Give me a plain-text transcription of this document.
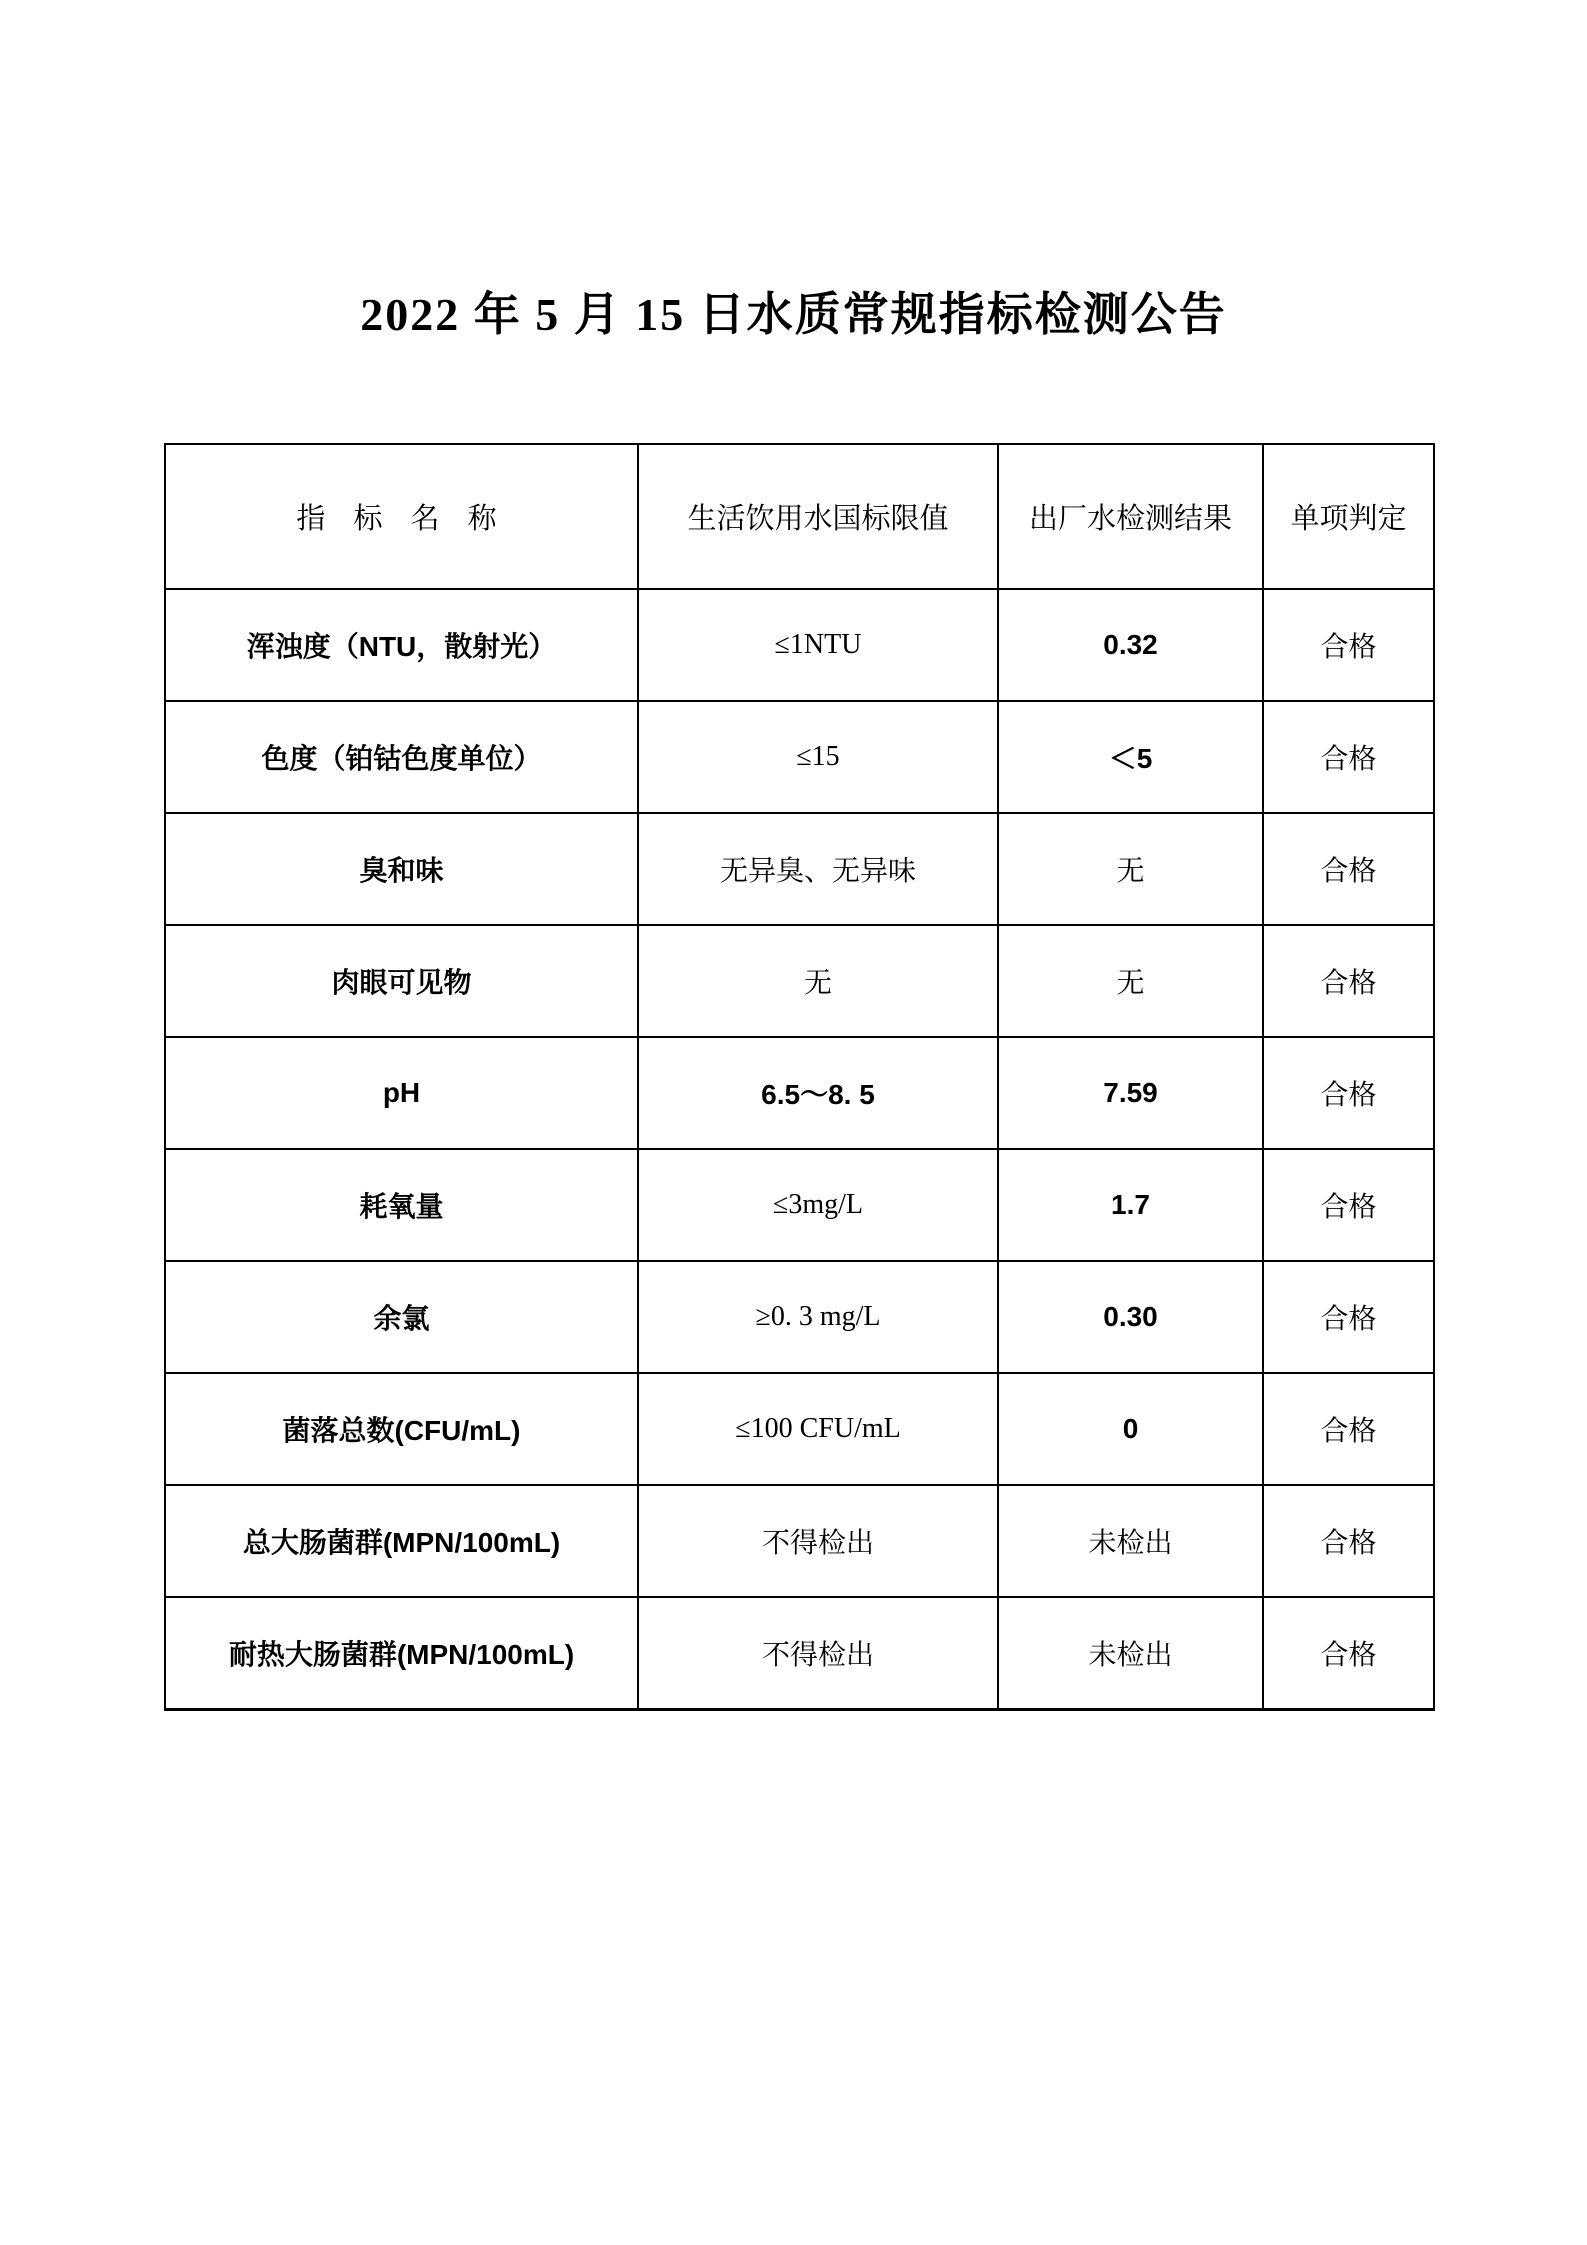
2022 年 5 月 15 日水质常规指标检测公告
指 标 名 称	生活饮用水国标限值	出厂水检测结果	单项判定
浑浊度（NTU，散射光）	≤1NTU	0.32	合格
色度（铂钴色度单位）	≤15	＜5	合格
臭和味	无异臭、无异味	无	合格
肉眼可见物	无	无	合格
pH	6.5～8. 5	7.59	合格
耗氧量	≤3mg/L	1.7	合格
余氯	≥0. 3 mg/L	0.30	合格
菌落总数(CFU/mL)	≤100 CFU/mL	0	合格
总大肠菌群(MPN/100mL)	不得检出	未检出	合格
耐热大肠菌群(MPN/100mL)	不得检出	未检出	合格
